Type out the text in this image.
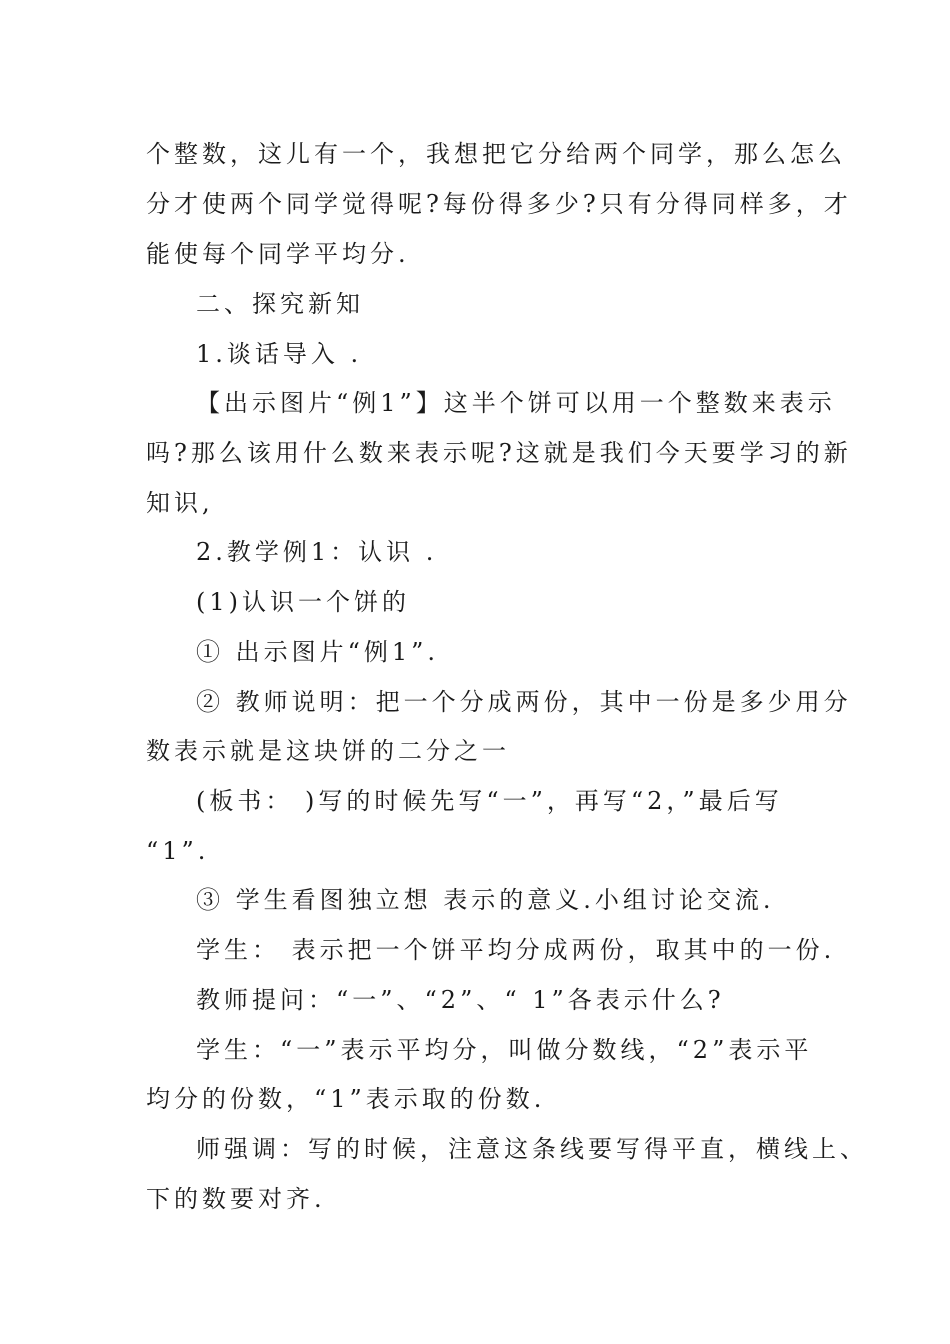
个整数，这儿有一个，我想把它分给两个同学，那么怎么
分才使两个同学觉得呢?每份得多少?只有分得同样多，才
能使每个同学平均分.
二、探究新知
1.谈话导入 .
【出示图片“例1”】这半个饼可以用一个整数来表示
吗?那么该用什么数来表示呢?这就是我们今天要学习的新
知识,
2.教学例1：认识 .
(1)认识一个饼的
① 出示图片“例1”.
② 教师说明：把一个分成两份，其中一份是多少用分
数表示就是这块饼的二分之一
(板书： )写的时候先写“一”，再写“2，”最后写
“1”.
③ 学生看图独立想 表示的意义.小组讨论交流.
学生： 表示把一个饼平均分成两份，取其中的一份.
教师提问：“一”、“2”、“ 1”各表示什么?
学生：“一”表示平均分，叫做分数线，“2”表示平
均分的份数，“1”表示取的份数.
师强调：写的时候，注意这条线要写得平直，横线上、
下的数要对齐.
